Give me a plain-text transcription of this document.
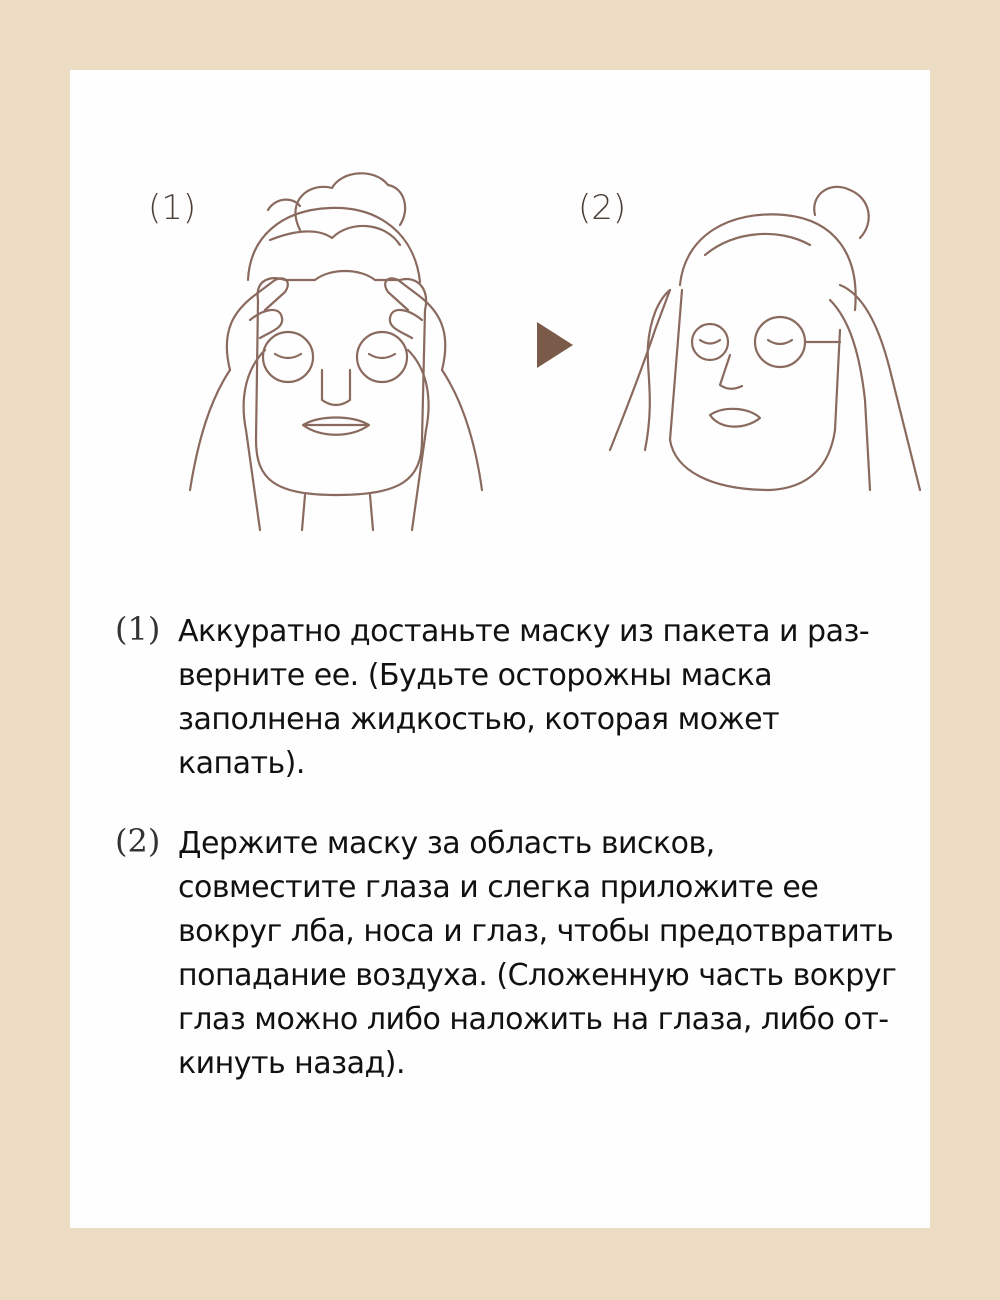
(1)	(2)
(1) Аккуратно достаньте маску из пакета и раз-
верните ее. (Будьте осторожны маска
заполнена жидкостью, которая может
капать).
(2) Держите маску за область висков,
совместите глаза и слегка приложите ее
вокруг лба, носа и глаз, чтобы предотвратить
попадание воздуха. (Сложенную часть вокруг
глаз можно либо наложить на глаза, либо от-
кинуть назад).
